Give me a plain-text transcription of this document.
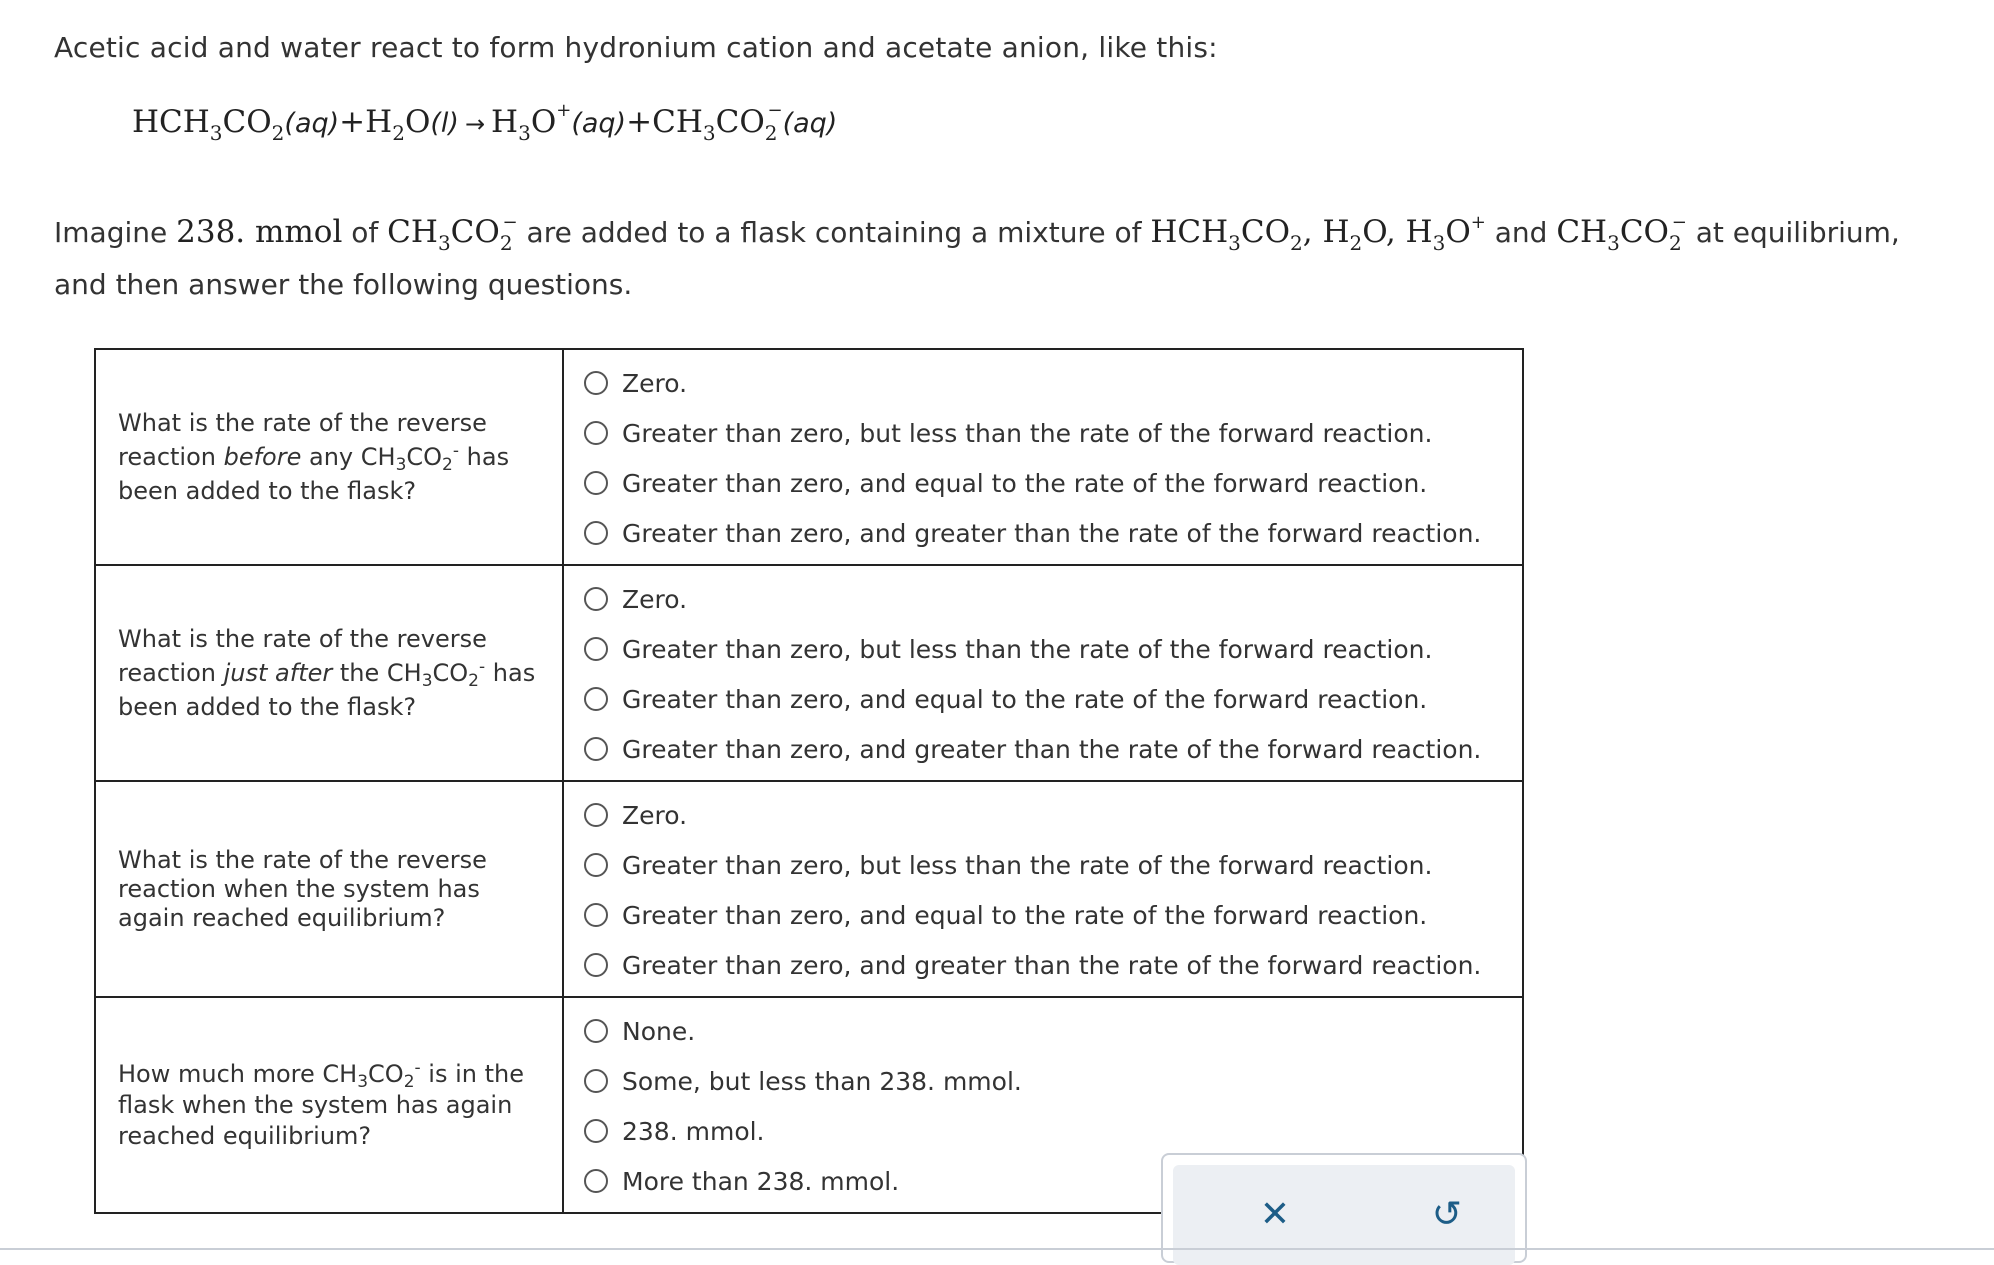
Acetic acid and water react to form hydronium cation and acetate anion, like this:
$HCH_3CO_2(aq)+H_2O(l) \to H_3O^+(aq)+CH_3CO_2^-(aq)$
Imagine 238. mmol of $CH_3CO_2^-$ are added to a flask containing a mixture of $HCH_3CO_2$, $H_2O$, $H_3O^+$ and $CH_3CO_2^-$ at equilibrium,
and then answer the following questions.
What is the rate of the reverse reaction before any $CH_3CO_2^-$ has been added to the flask?	Zero.
Greater than zero, but less than the rate of the forward reaction.
Greater than zero, and equal to the rate of the forward reaction.
Greater than zero, and greater than the rate of the forward reaction.

What is the rate of the reverse reaction just after the $CH_3CO_2^-$ has been added to the flask?	Zero.
Greater than zero, but less than the rate of the forward reaction.
Greater than zero, and equal to the rate of the forward reaction.
Greater than zero, and greater than the rate of the forward reaction.

What is the rate of the reverse reaction when the system has again reached equilibrium?	Zero.
Greater than zero, but less than the rate of the forward reaction.
Greater than zero, and equal to the rate of the forward reaction.
Greater than zero, and greater than the rate of the forward reaction.

How much more $CH_3CO_2^-$ is in the flask when the system has again reached equilibrium?	None.
Some, but less than 238. mmol.
238. mmol.
More than 238. mmol.
✕	↺
